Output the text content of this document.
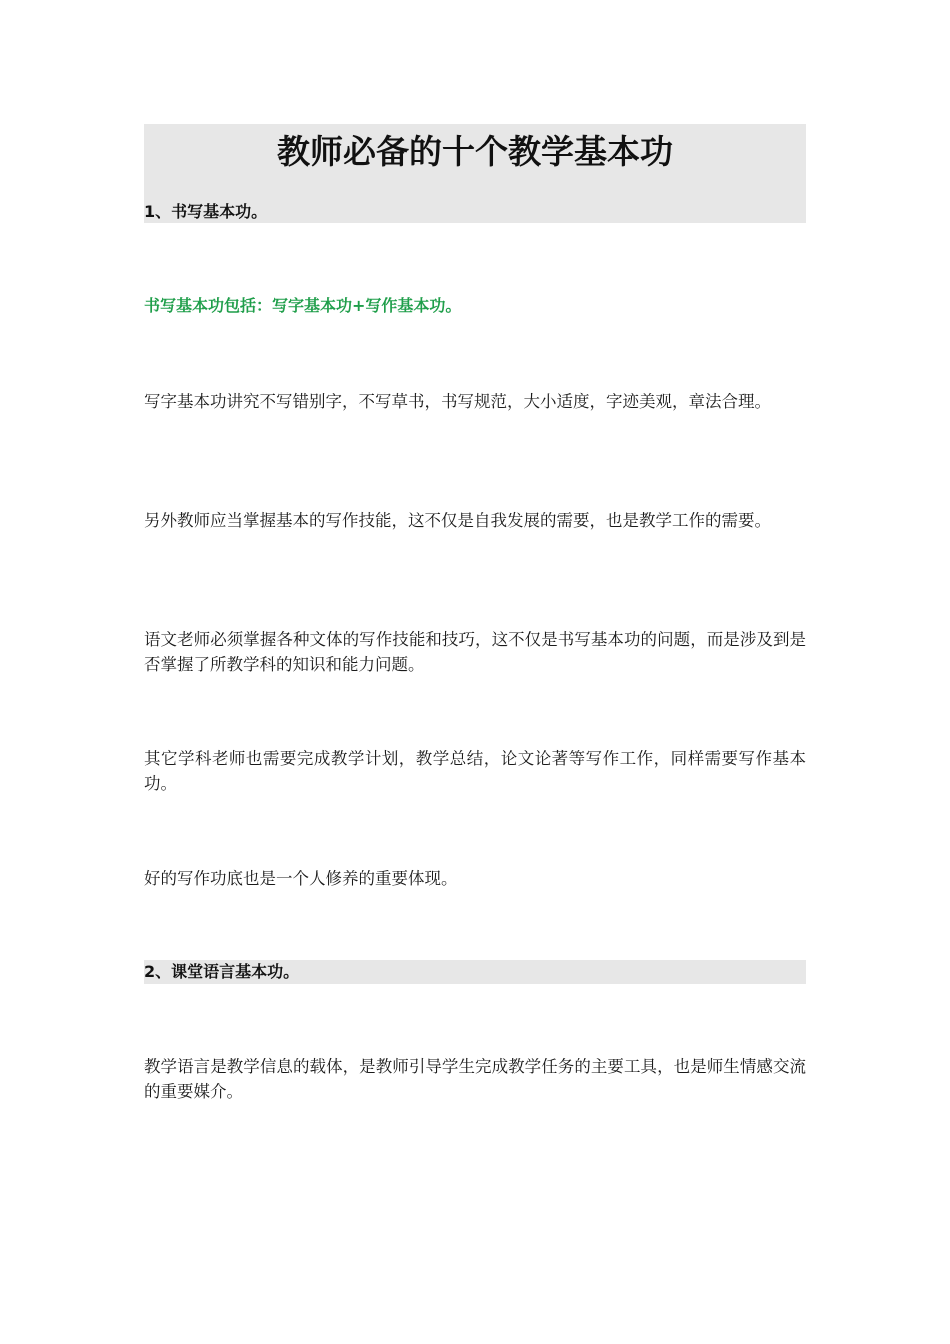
教师必备的十个教学基本功

1、书写基本功。

书写基本功包括：写字基本功+写作基本功。

写字基本功讲究不写错别字，不写草书，书写规范，大小适度，字迹美观，章法合理。

另外教师应当掌握基本的写作技能，这不仅是自我发展的需要，也是教学工作的需要。

语文老师必须掌握各种文体的写作技能和技巧，这不仅是书写基本功的问题，而是涉及到是否掌握了所教学科的知识和能力问题。

其它学科老师也需要完成教学计划，教学总结，论文论著等写作工作，同样需要写作基本功。

好的写作功底也是一个人修养的重要体现。

2、课堂语言基本功。

教学语言是教学信息的载体，是教师引导学生完成教学任务的主要工具，也是师生情感交流的重要媒介。
